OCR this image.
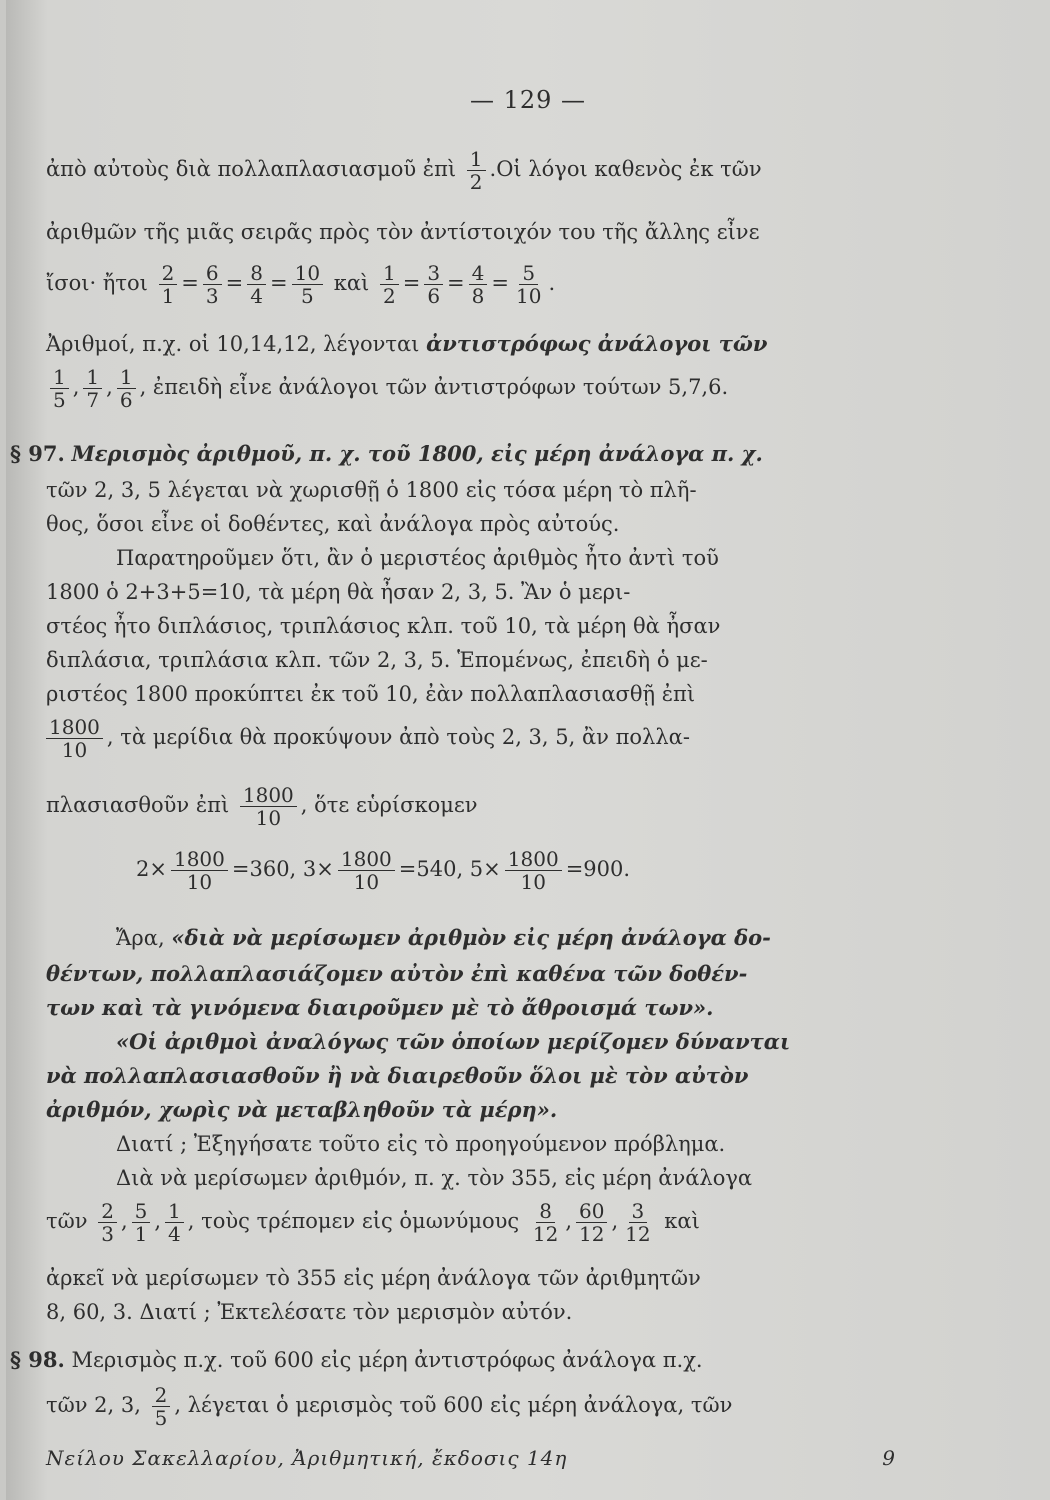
— 129 —
ἀπὸ αὐτοὺς διὰ πολλαπλασιασμοῦ ἐπὶ $\frac{1}{2}$ .Οἱ λόγοι καθενὸς ἐκ τῶν
ἀριθμῶν τῆς μιᾶς σειρᾶς πρὸς τὸν ἀντίστοιχόν του τῆς ἄλλης εἶνε
ἴσοι· ἤτοι $\frac{2}{1} = \frac{6}{3} = \frac{8}{4} = \frac{10}{5}$ καὶ $\frac{1}{2} = \frac{3}{6} = \frac{4}{8} = \frac{5}{10}$ .
Ἀριθμοί, π.χ. οἱ 10,14,12, λέγονται ἀντιστρόφως ἀνάλογοι τῶν
$\frac{1}{5}$ , $\frac{1}{7}$ , $\frac{1}{6}$ , ἐπειδὴ εἶνε ἀνάλογοι τῶν ἀντιστρόφων τούτων 5,7,6.
§ 97. Μερισμὸς ἀριθμοῦ, π. χ. τοῦ 1800, εἰς μέρη ἀνάλογα π. χ.
τῶν 2, 3, 5 λέγεται νὰ χωρισθῇ ὁ 1800 εἰς τόσα μέρη τὸ πλῆ-
θος, ὅσοι εἶνε οἱ δοθέντες, καὶ ἀνάλογα πρὸς αὐτούς.
Παρατηροῦμεν ὅτι, ἂν ὁ μεριστέος ἀριθμὸς ἦτο ἀντὶ τοῦ
1800 ὁ 2+3+5=10, τὰ μέρη θὰ ἦσαν 2, 3, 5. Ἂν ὁ μερι-
στέος ἦτο διπλάσιος, τριπλάσιος κλπ. τοῦ 10, τὰ μέρη θὰ ἦσαν
διπλάσια, τριπλάσια κλπ. τῶν 2, 3, 5. Ἑπομένως, ἐπειδὴ ὁ με-
ριστέος 1800 προκύπτει ἐκ τοῦ 10, ἐὰν πολλαπλασιασθῇ ἐπὶ
$\frac{1800}{10}$ , τὰ μερίδια θὰ προκύψουν ἀπὸ τοὺς 2, 3, 5, ἂν πολλα-
πλασιασθοῦν ἐπὶ $\frac{1800}{10}$ , ὅτε εὑρίσκομεν
$2\times \frac{1800}{10} =360$, $3\times \frac{1800}{10} =540$, $5\times \frac{1800}{10} =900$.
Ἄρα, «διὰ νὰ μερίσωμεν ἀριθμὸν εἰς μέρη ἀνάλογα δο-
θέντων, πολλαπλασιάζομεν αὐτὸν ἐπὶ καθένα τῶν δοθέν-
των καὶ τὰ γινόμενα διαιροῦμεν μὲ τὸ ἄθροισμά των».
«Οἱ ἀριθμοὶ ἀναλόγως τῶν ὁποίων μερίζομεν δύνανται
νὰ πολλαπλασιασθοῦν ἢ νὰ διαιρεθοῦν ὅλοι μὲ τὸν αὐτὸν
ἀριθμόν, χωρὶς νὰ μεταβληθοῦν τὰ μέρη».
Διατί ; Ἐξηγήσατε τοῦτο εἰς τὸ προηγούμενον πρόβλημα.
Διὰ νὰ μερίσωμεν ἀριθμόν, π. χ. τὸν 355, εἰς μέρη ἀνάλογα
τῶν $\frac{2}{3}$ , $\frac{5}{1}$ , $\frac{1}{4}$ , τοὺς τρέπομεν εἰς ὁμωνύμους $\frac{8}{12}$ , $\frac{60}{12}$ , $\frac{3}{12}$ καὶ
ἀρκεῖ νὰ μερίσωμεν τὸ 355 εἰς μέρη ἀνάλογα τῶν ἀριθμητῶν
8, 60, 3. Διατί ; Ἐκτελέσατε τὸν μερισμὸν αὐτόν.
§ 98. Μερισμὸς π.χ. τοῦ 600 εἰς μέρη ἀντιστρόφως ἀνάλογα π.χ.
τῶν 2, 3, $\frac{2}{5}$ , λέγεται ὁ μερισμὸς τοῦ 600 εἰς μέρη ἀνάλογα, τῶν
Νείλου Σακελλαρίου, Ἀριθμητική, ἔκδοσις 14η	9
